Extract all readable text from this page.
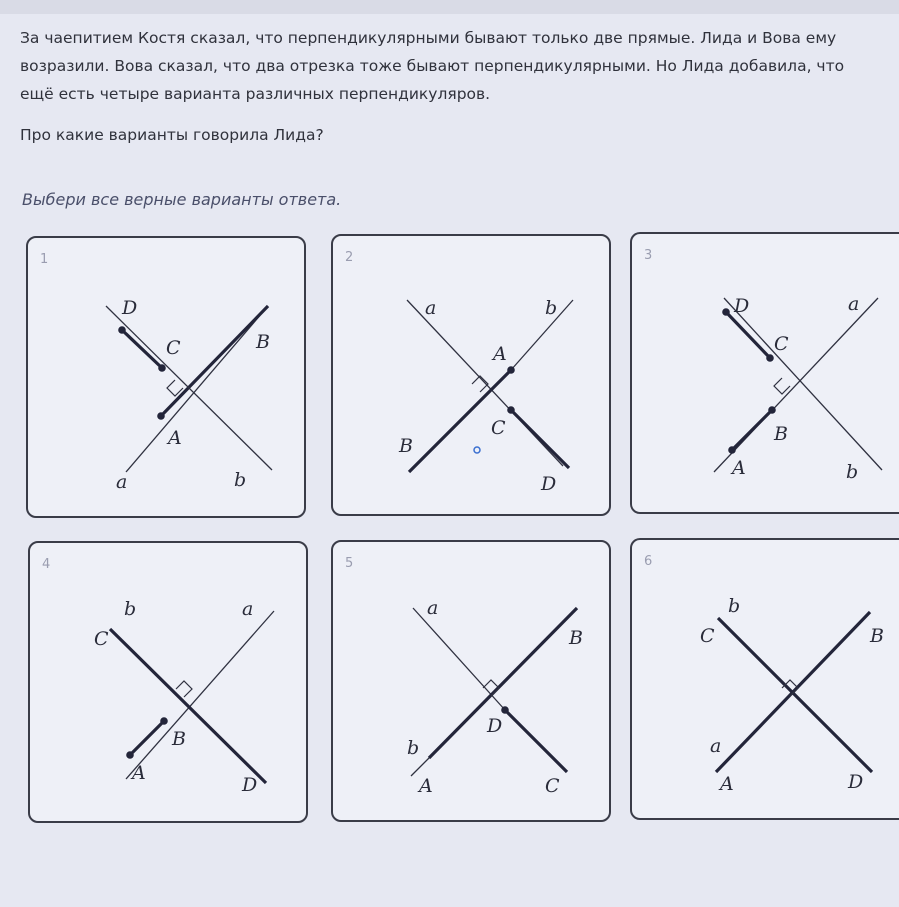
За чаепитием Костя сказал, что перпендикулярными бывают только две прямые. Лида и Вова ему

возразили. Вова сказал, что два отрезка тоже бывают перпендикулярными. Но Лида добавила, что

ещё есть четыре варианта различных перпендикуляров.

Про какие варианты говорила Лида?
Выбери все верные варианты ответа.
1
D
C	B
A
a	b
2
a	b
A
C
B
D
3
D	a
C
B
A	b
4
b	a
C
B
A
D
5
a
B
D
b
A	C
6
b
C	B
a
A	D
